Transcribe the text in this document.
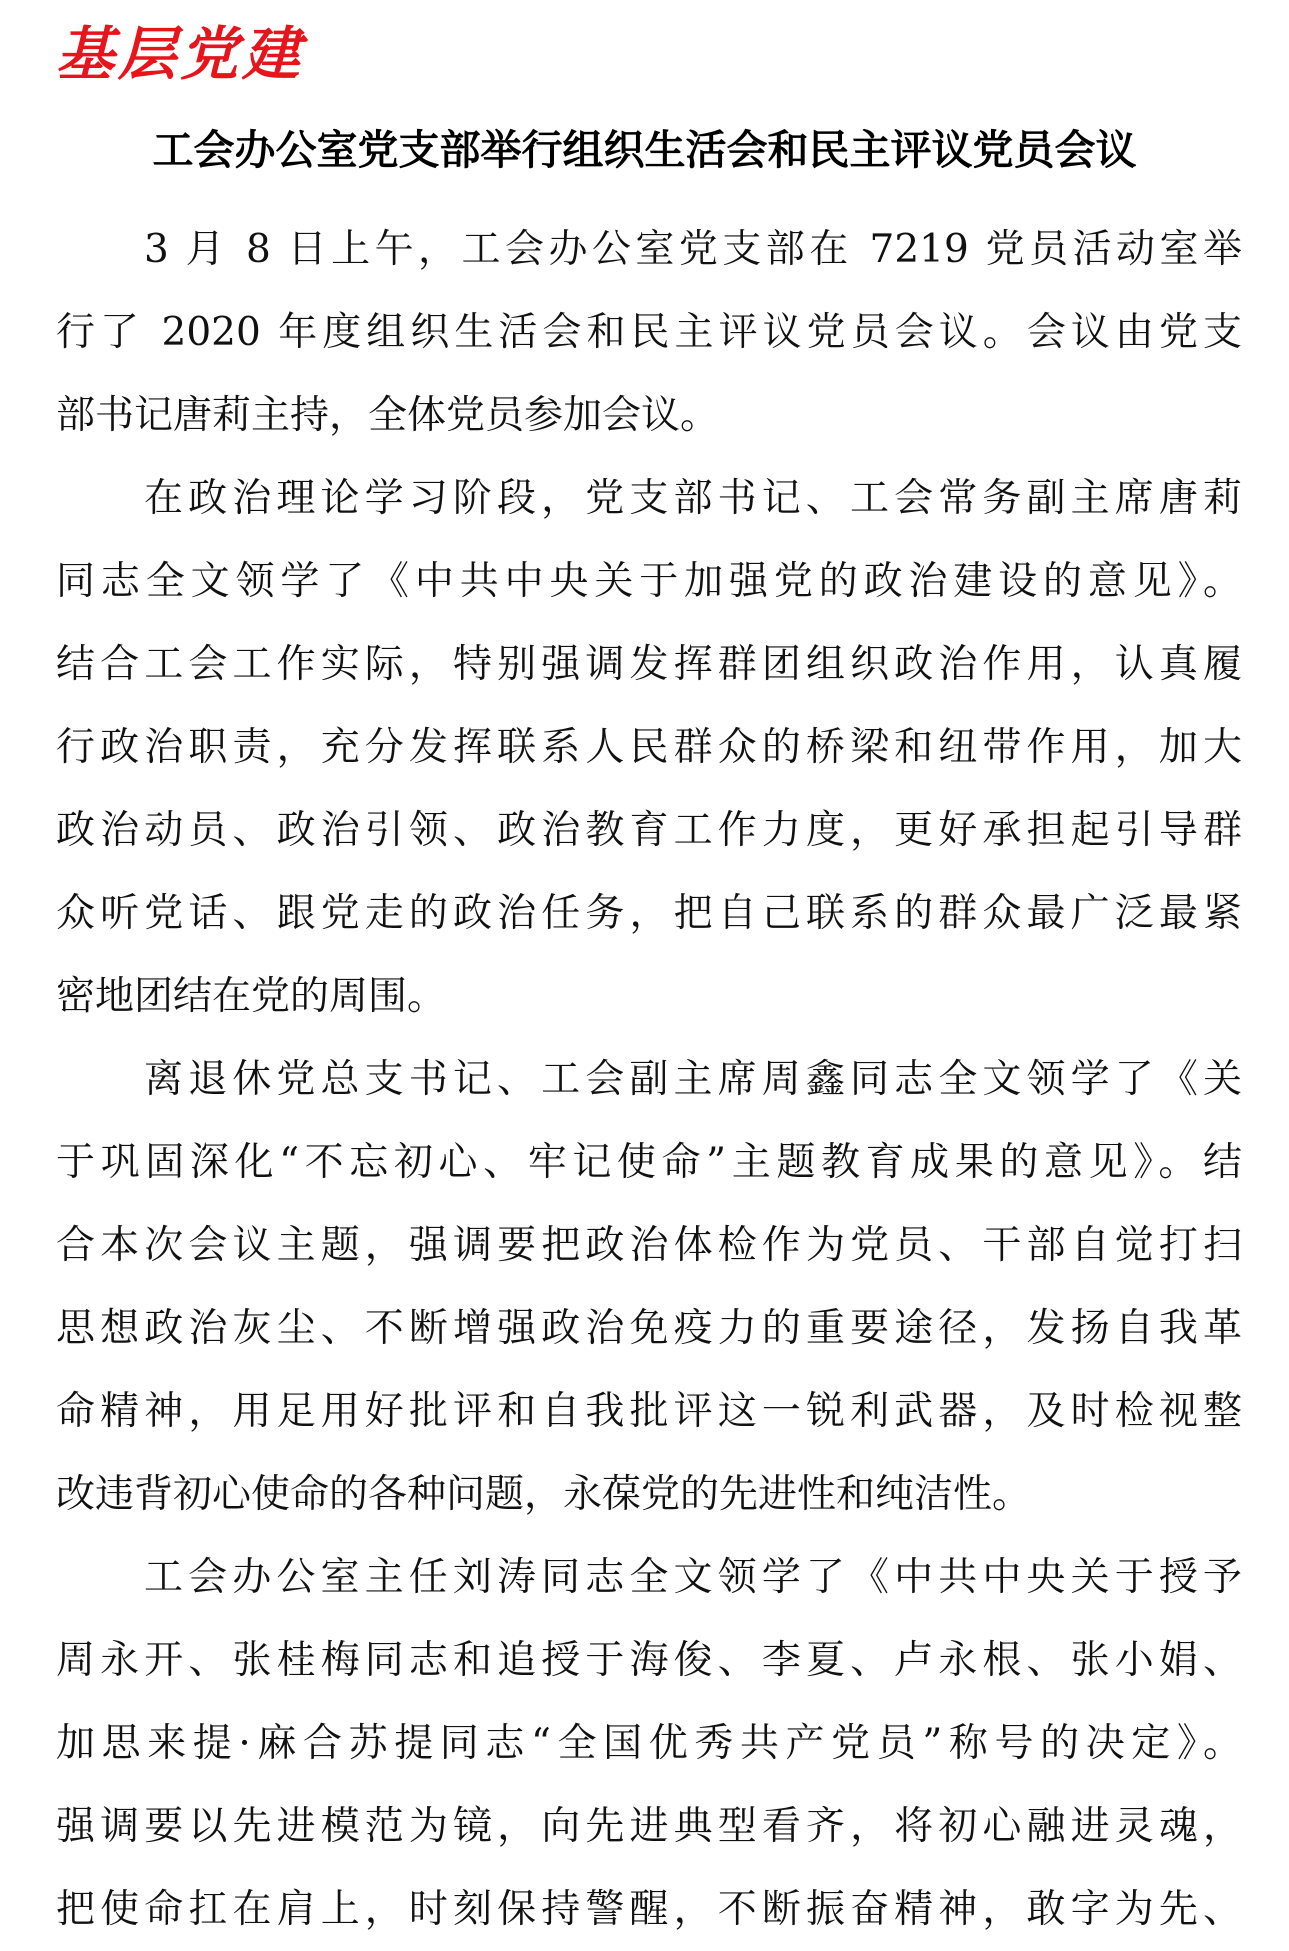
基层党建
工会办公室党支部举行组织生活会和民主评议党员会议
3 月 8 日上午，工会办公室党支部在 7219 党员活动室举
行了 2020 年度组织生活会和民主评议党员会议。会议由党支
部书记唐莉主持，全体党员参加会议。
在政治理论学习阶段，党支部书记、工会常务副主席唐莉
同志全文领学了《中共中央关于加强党的政治建设的意见》。
结合工会工作实际，特别强调发挥群团组织政治作用，认真履
行政治职责，充分发挥联系人民群众的桥梁和纽带作用，加大
政治动员、政治引领、政治教育工作力度，更好承担起引导群
众听党话、跟党走的政治任务，把自己联系的群众最广泛最紧
密地团结在党的周围。
离退休党总支书记、工会副主席周鑫同志全文领学了《关
于巩固深化“不忘初心、牢记使命”主题教育成果的意见》。结
合本次会议主题，强调要把政治体检作为党员、干部自觉打扫
思想政治灰尘、不断增强政治免疫力的重要途径，发扬自我革
命精神，用足用好批评和自我批评这一锐利武器，及时检视整
改违背初心使命的各种问题，永葆党的先进性和纯洁性。
工会办公室主任刘涛同志全文领学了《中共中央关于授予
周永开、张桂梅同志和追授于海俊、李夏、卢永根、张小娟、
加思来提·麻合苏提同志“全国优秀共产党员”称号的决定》。
强调要以先进模范为镜，向先进典型看齐，将初心融进灵魂，
把使命扛在肩上，时刻保持警醒，不断振奋精神，敢字为先、
